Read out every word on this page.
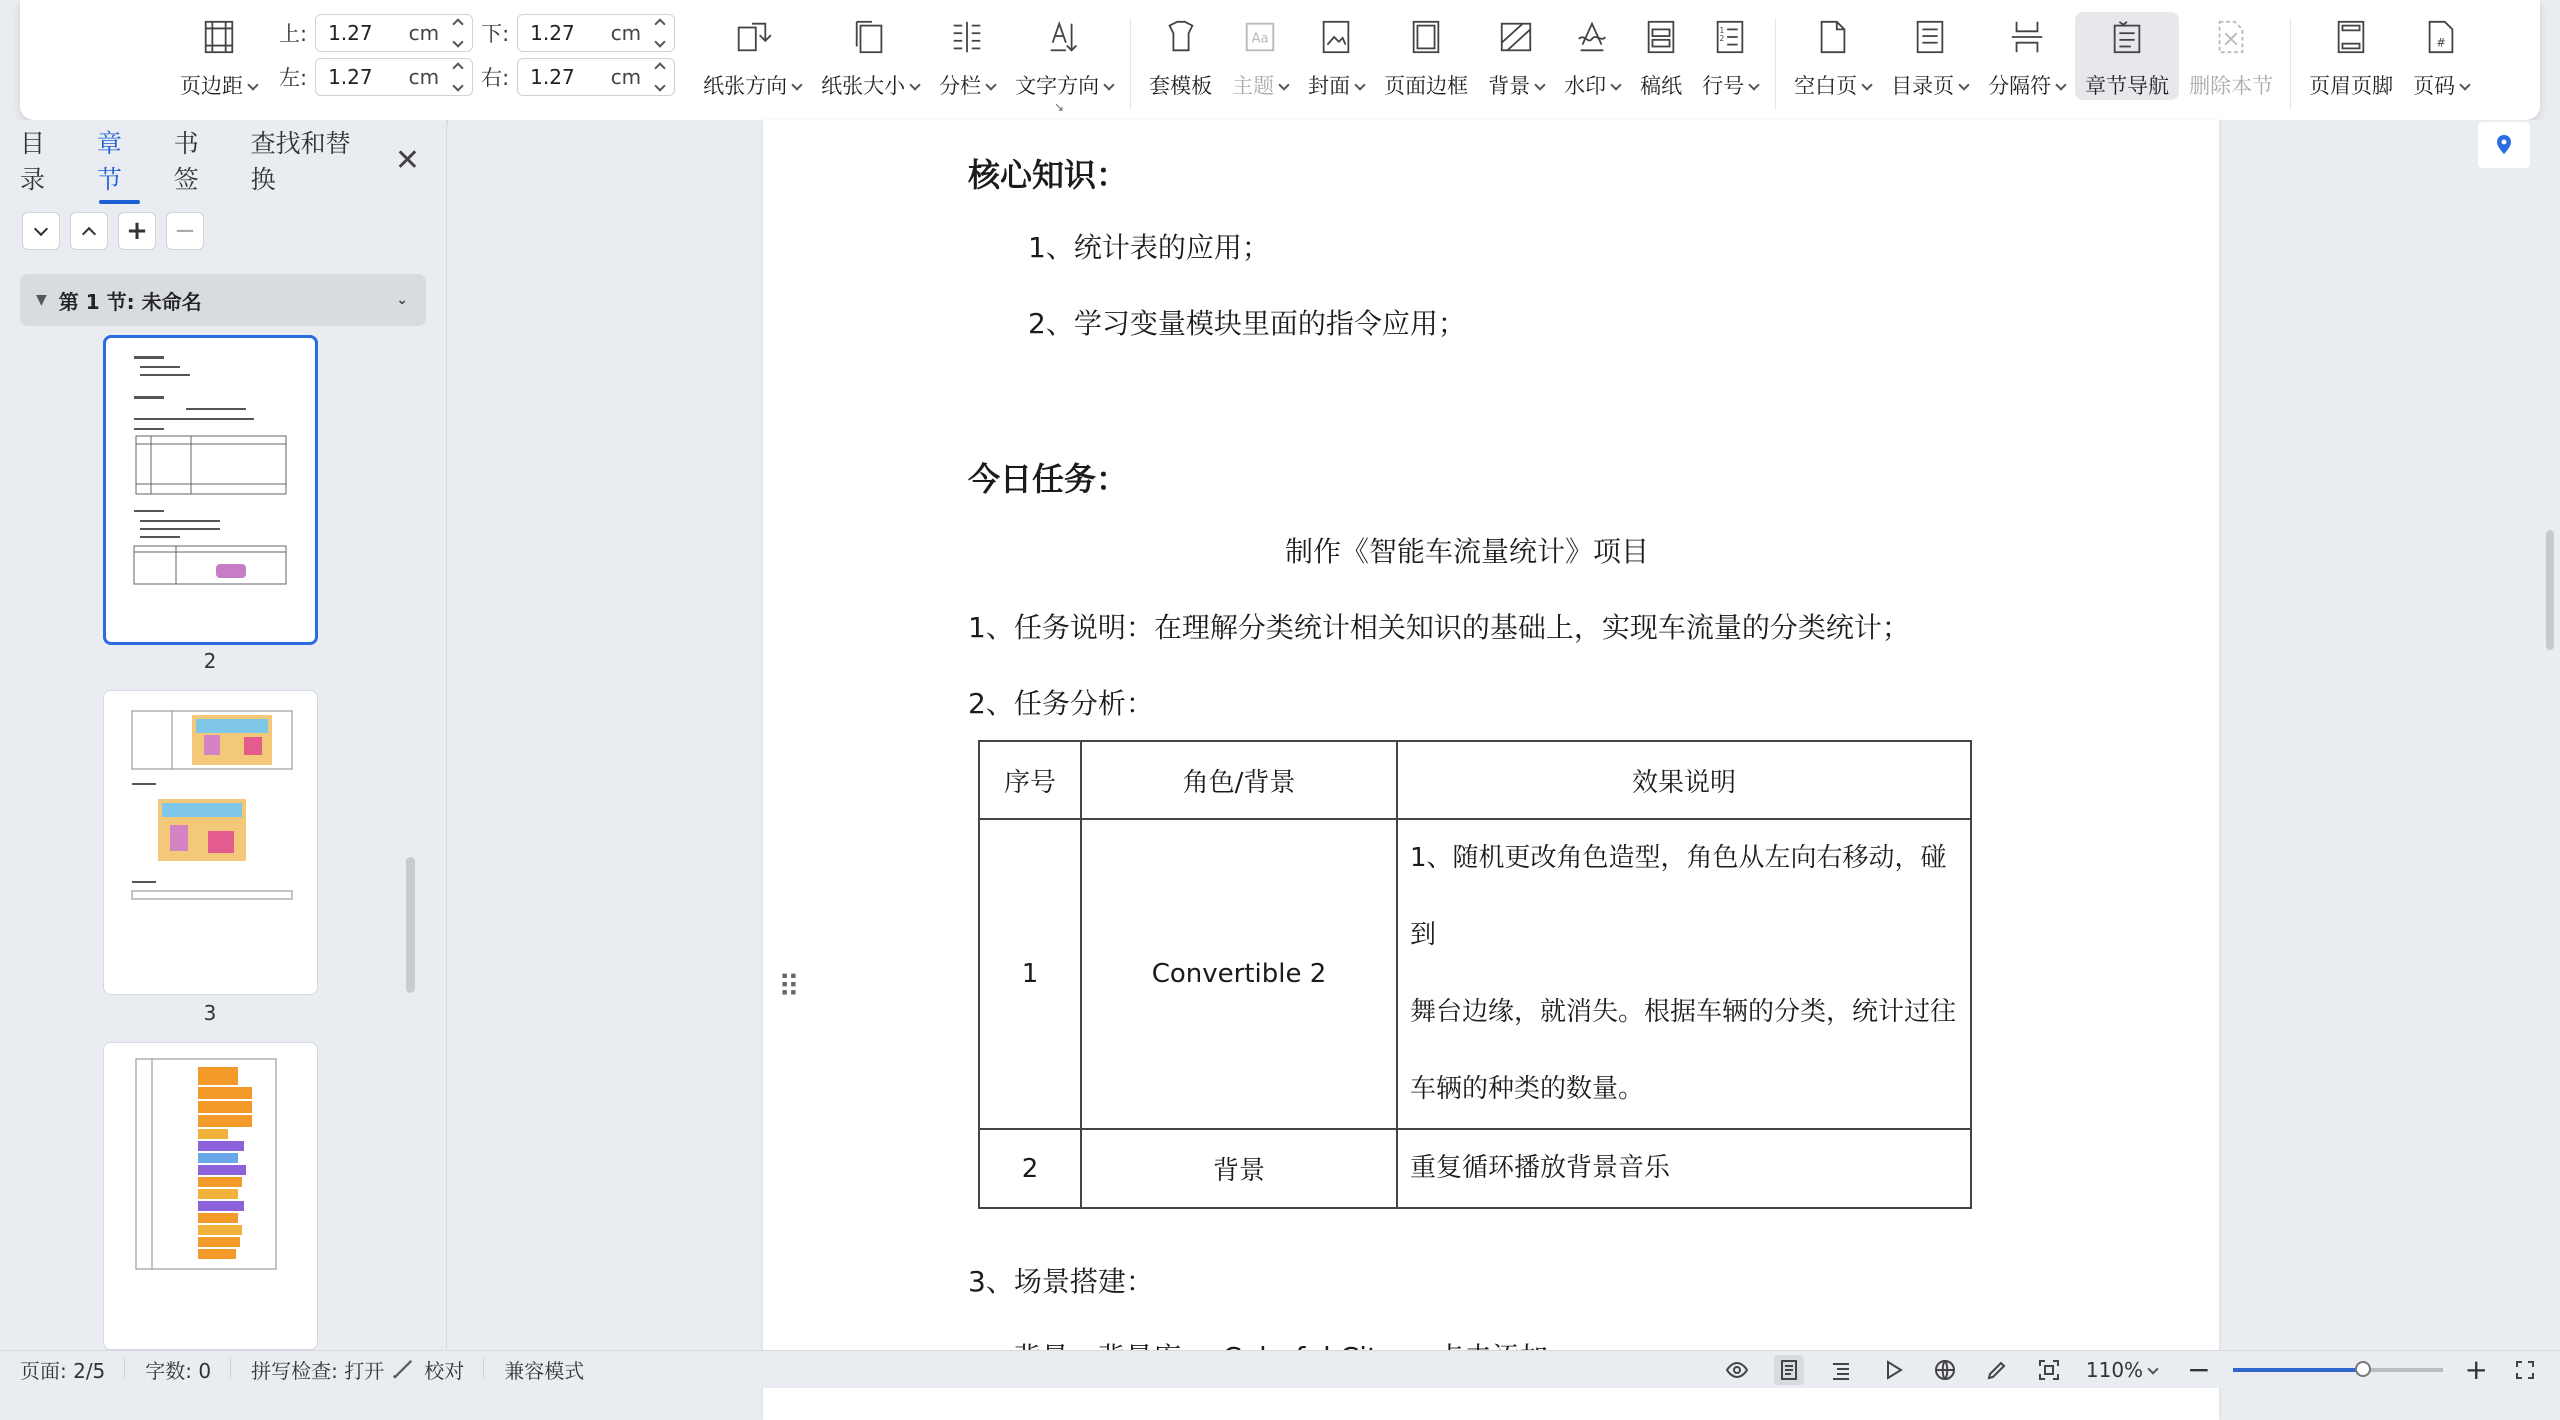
页边距
上: 1.27 cm 下: 1.27 cm
左: 1.27 cm 右: 1.27 cm	纸张方向	纸张大小	分栏	文字方向	套模板
Aa
主题	封面	页面边框 背景	水印	稿纸
1
2
行号	空白页	目录页	分隔符	章节导航 删除本节 页眉页脚
#
页码
↘
目录
章节
书签
查找和替换
✕
+ −
▼ 第 1 节: 未命名	⌄
2
3
核心知识：
1、统计表的应用；
2、学习变量模块里面的指令应用；
今日任务：
制作《智能车流量统计》项目
1、任务说明：在理解分类统计相关知识的基础上，实现车流量的分类统计；
2、任务分析：
序号	角色/背景	效果说明
1	Convertible 2	1、随机更改角色造型，角色从左向右移动，碰到
舞台边缘，就消失。根据车辆的分类，统计过往
车辆的种类的数量。

2	背景	重复循环播放背景音乐
3、场景搭建：
⠿
页面: 2/5	字数: 0	拼写检查: 打开	校对	兼容模式	110%	−	+
